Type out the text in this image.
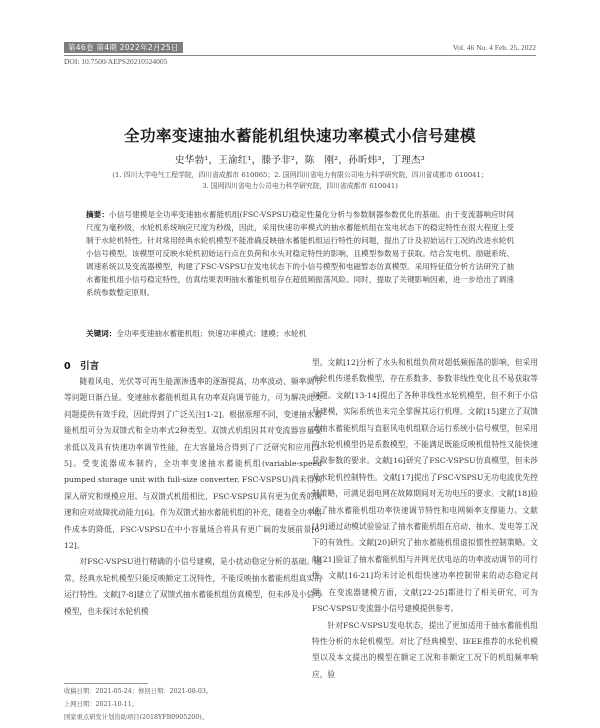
第46卷 第4期 2022年2月25日	Vol. 46 No. 4 Feb. 25, 2022
DOI: 10.7500/AEPS20210524005
全功率变速抽水蓄能机组快速功率模式小信号建模
史华勃¹，王渝红¹，滕予非²，陈　刚²，孙昕炜³，丁理杰³
(1. 四川大学电气工程学院，四川省成都市 610065；2. 国网四川省电力有限公司电力科学研究院，四川省成都市 610041；
3. 国网四川省电力公司电力科学研究院，四川省成都市 610041)
摘要：小信号建模是全功率变速抽水蓄能机组(FSC-VSPSU)稳定性量化分析与参数制器参数优化的基础。由于变流器响应时间尺度为毫秒级，水轮机系统响应尺度为秒级，因此，采用快速功率模式的抽水蓄能机组在发电状态下的稳定特性在很大程度上受制于水轮机特性。针对常用经典水轮机模型不能准确反映抽水蓄能机组运行特性的问题，提出了计及初始运行工况的改进水轮机小信号模型。该模型可反映水轮机初始运行点在负荷和水头对稳定特性的影响，且模型参数易于获取。结合发电机、励磁系统、调速系统以及变流器模型，构建了FSC-VSPSU在发电状态下的小信号模型和电磁暂态仿真模型。采用特征值分析方法研究了抽水蓄能机组小信号稳定特性，仿真结果表明抽水蓄能机组存在超低频振荡风险。同时，提取了关键影响因素，进一步给出了调速系统参数整定原则。
关键词：全功率变速抽水蓄能机组；快速功率模式；建模；水轮机
0　引言

随着风电、光伏等可再生能源渗透率的逐渐提高，功率波动、频率调节等问题日渐凸显。变速抽水蓄能机组具有功率双向调节能力，可为解决此类问题提供有效手段，因此得到了广泛关注[1-2]。根据原理不同，变速抽水蓄能机组可分为双馈式和全功率式2种类型。双馈式机组因其对变流器容量要求低以及具有快速功率调节性能，在大容量场合得到了广泛研究和应用[3-5]。受变流器成本制约，全功率变速抽水蓄能机组(variable-speed pumped storage unit with full-size converter, FSC-VSPSU)尚未得到深入研究和规模应用。与双馈式机组相比，FSC-VSPSU具有更为优秀的调速和应对故障扰动能力[6]。作为双馈式抽水蓄能机组的补充，随着全功率器件成本的降低，FSC-VSPSU在中小容量场合将具有更广阔的发展前景[6-12]。

对FSC-VSPSU进行精确的小信号建模，是小扰动稳定分析的基础。通常，经典水轮机模型只能反映额定工况特性，不能反映抽水蓄能机组真实的运行特性。文献[7-8]建立了双馈式抽水蓄能机组仿真模型，但未涉及小信号模型，也未探讨水轮机模

型。文献[12]分析了水头和机组负荷对超低频振荡的影响，但采用水轮机传递系数模型，存在系数多、参数非线性变化且不易获取等问题。文献[13-14]提出了各种非线性水轮机模型，但不利于小信号建模，实际系统也未完全掌握其运行机理。文献[15]建立了双馈式抽水蓄能机组与直驱风电机组联合运行系统小信号模型，但采用的水轮机模型仍是系数模型，不能满足既能反映机组特性又能快速获取参数的要求。文献[16]研究了FSC-VSPSU仿真模型，但未涉及水轮机控制特性。文献[17]提出了FSC-VSPSU无功电流优先控制策略，可满足弱电网在故障期间对无功电压的要求。文献[18]验证了抽水蓄能机组功率快速调节特性和电网频率支撑能力。文献[19]通过动模试验验证了抽水蓄能机组在启动、抽水、发电等工况下的有效性。文献[20]研究了抽水蓄能机组虚拟惯性控制策略。文献[21]验证了抽水蓄能机组与并网光伏电站的功率波动调节的可行性。文献[16-21]均未讨论机组快速功率控制带来的动态稳定问题。在变流器建模方面，文献[22-25]都进行了相关研究，可为FSC-VSPSU变流器小信号建模提供参考。

针对FSC-VSPSU发电状态，提出了更加适用于抽水蓄能机组特性分析的水轮机模型。对比了经典模型、IEEE推荐的水轮机模型以及本文提出的模型在额定工况和非额定工况下的机组频率响应，验

收稿日期：2021-05-24；修回日期：2021-08-03。
上网日期：2021-10-11。
国家重点研发计划资助项目(2018YFB0905200)。
